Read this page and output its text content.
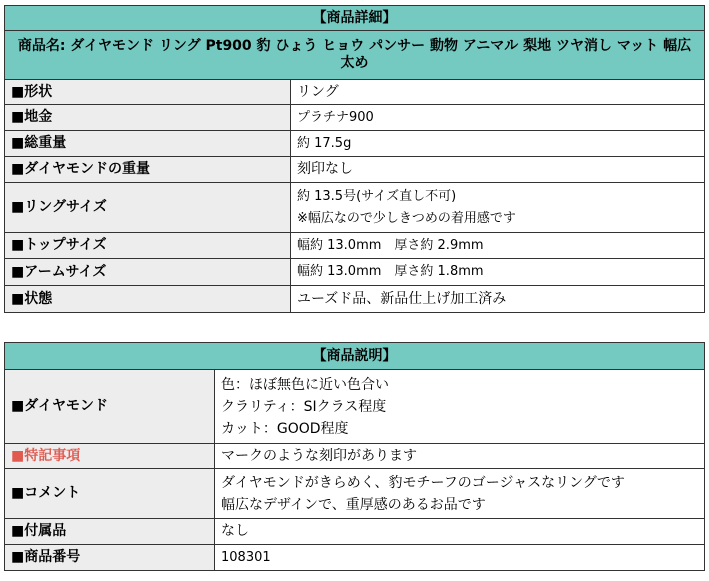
【商品詳細】	
商品名: ダイヤモンド リング Pt900 豹 ひょう ヒョウ パンサー 動物 アニマル 梨地 ツヤ消し マット 幅広 太め	
■形状	リング
■地金	プラチナ900
■総重量	約 17.5g
■ダイヤモンドの重量	刻印なし
■リングサイズ	約 13.5号(サイズ直し不可)
※幅広なので少しきつめの着用感です

■トップサイズ	幅約 13.0mm　厚さ約 2.9mm
■アームサイズ	幅約 13.0mm　厚さ約 1.8mm
■状態	ユーズド品、新品仕上げ加工済み
【商品説明】	
■ダイヤモンド	色：ほぼ無色に近い色合い
クラリティ：SIクラス程度
カット：GOOD程度

■特記事項	マークのような刻印があります
■コメント	ダイヤモンドがきらめく、豹モチーフのゴージャスなリングです
幅広なデザインで、重厚感のあるお品です

■付属品	なし
■商品番号	108301
